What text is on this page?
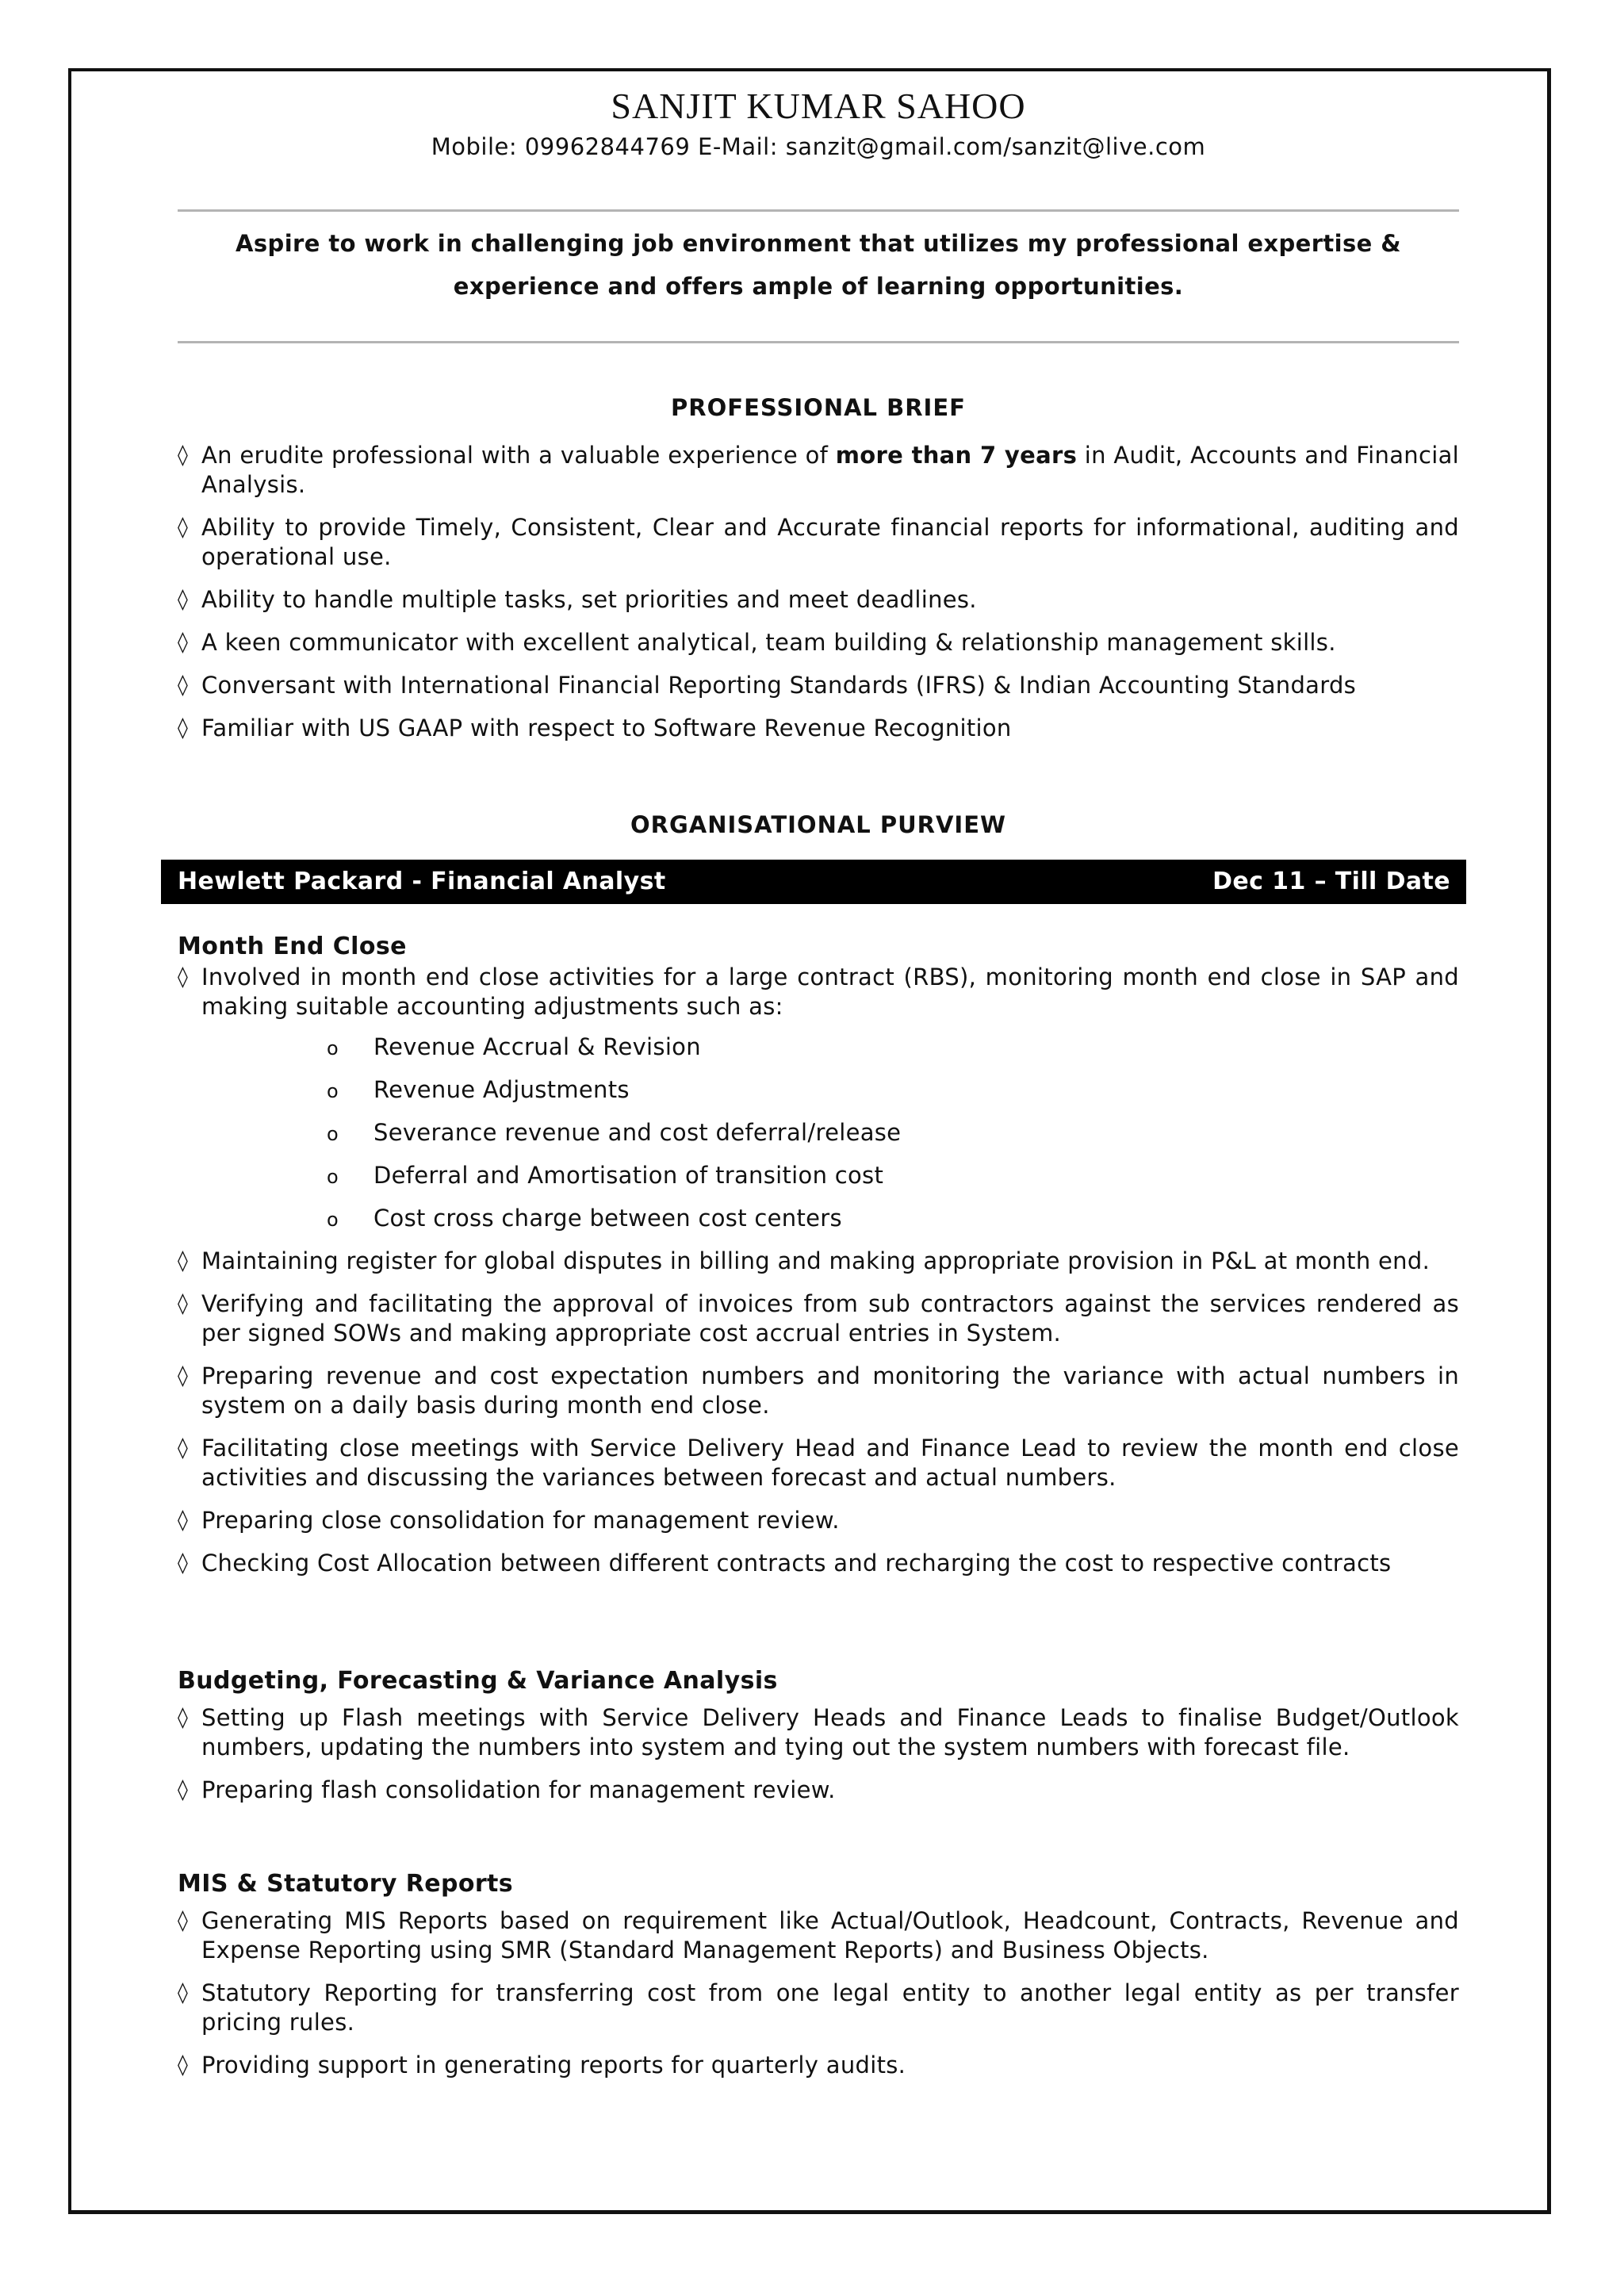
SANJIT KUMAR SAHOO
Mobile: 09962844769 E-Mail: sanzit@gmail.com/sanzit@live.com
Aspire to work in challenging job environment that utilizes my professional expertise &
experience and offers ample of learning opportunities.
PROFESSIONAL BRIEF
◊ An erudite professional with a valuable experience of more than 7 years in Audit, Accounts and Financial Analysis.
◊ Ability to provide Timely, Consistent, Clear and Accurate financial reports for informational, auditing and operational use.
◊ Ability to handle multiple tasks, set priorities and meet deadlines.
◊ A keen communicator with excellent analytical, team building & relationship management skills.
◊ Conversant with International Financial Reporting Standards (IFRS) & Indian Accounting Standards
◊ Familiar with US GAAP with respect to Software Revenue Recognition
ORGANISATIONAL PURVIEW
Hewlett Packard - Financial Analyst	Dec 11 – Till Date
Month End Close
◊ Involved in month end close activities for a large contract (RBS), monitoring month end close in SAP and making suitable accounting adjustments such as:
o Revenue Accrual & Revision
o Revenue Adjustments
o Severance revenue and cost deferral/release
o Deferral and Amortisation of transition cost
o Cost cross charge between cost centers
◊ Maintaining register for global disputes in billing and making appropriate provision in P&L at month end.
◊ Verifying and facilitating the approval of invoices from sub contractors against the services rendered as per signed SOWs and making appropriate cost accrual entries in System.
◊ Preparing revenue and cost expectation numbers and monitoring the variance with actual numbers in system on a daily basis during month end close.
◊ Facilitating close meetings with Service Delivery Head and Finance Lead to review the month end close activities and discussing the variances between forecast and actual numbers.
◊ Preparing close consolidation for management review.
◊ Checking Cost Allocation between different contracts and recharging the cost to respective contracts
Budgeting, Forecasting & Variance Analysis
◊ Setting up Flash meetings with Service Delivery Heads and Finance Leads to finalise Budget/Outlook numbers, updating the numbers into system and tying out the system numbers with forecast file.
◊ Preparing flash consolidation for management review.
MIS & Statutory Reports
◊ Generating MIS Reports based on requirement like Actual/Outlook, Headcount, Contracts, Revenue and Expense Reporting using SMR (Standard Management Reports) and Business Objects.
◊ Statutory Reporting for transferring cost from one legal entity to another legal entity as per transfer pricing rules.
◊ Providing support in generating reports for quarterly audits.
